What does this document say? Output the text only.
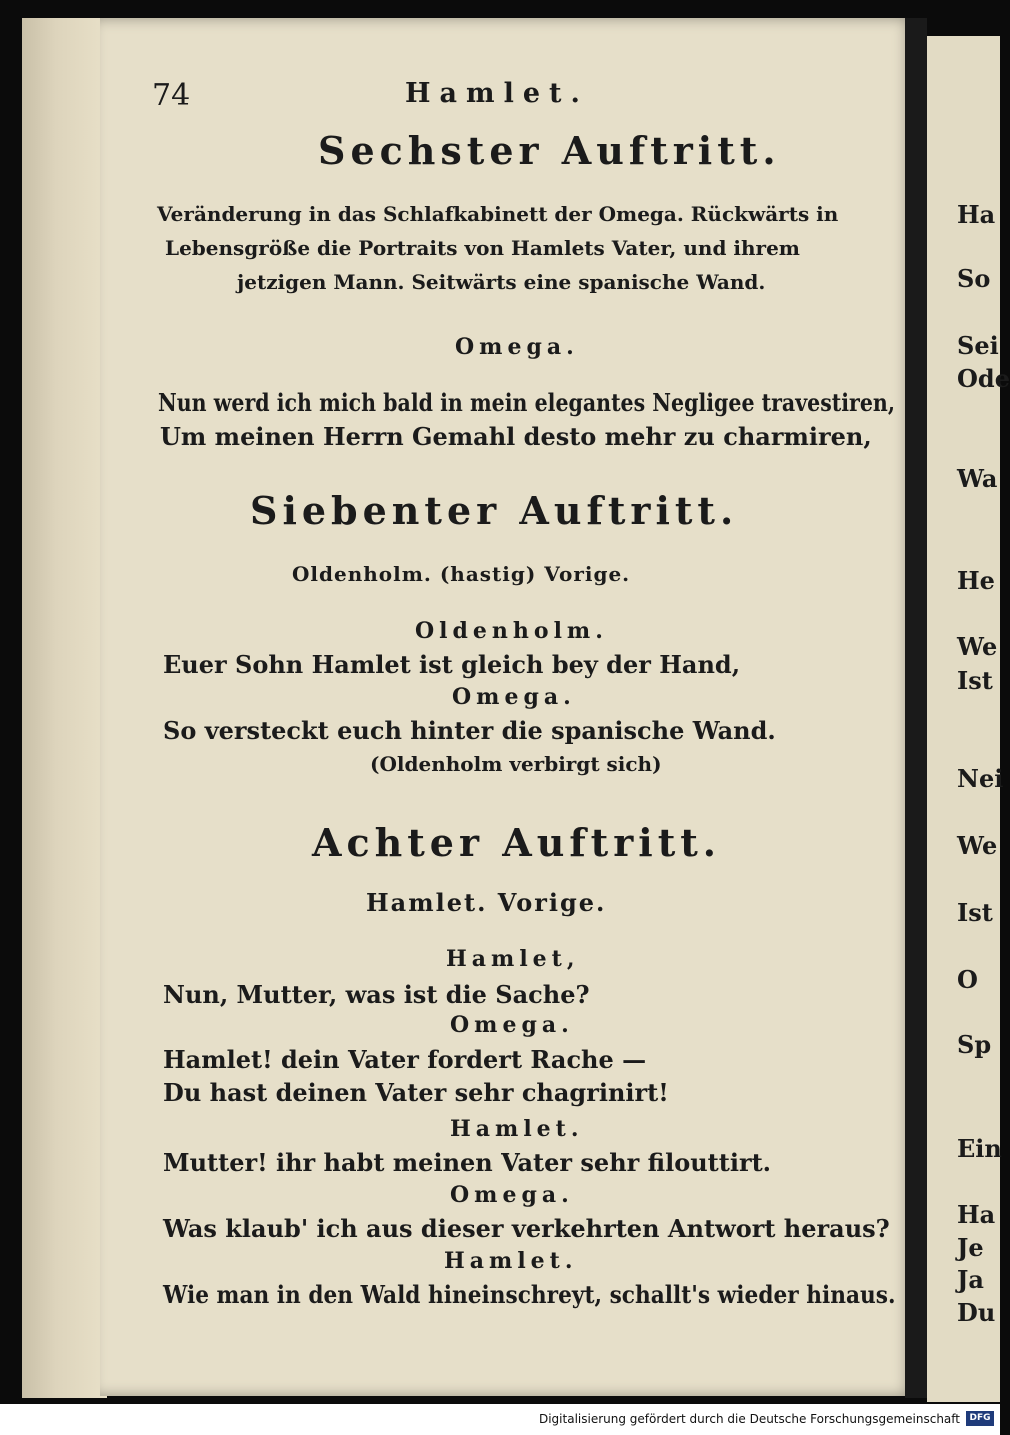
Ha
So
Sei
Ode
Wa
He
We
Ist
Nei
We
Ist
O
Sp
Ein
Ha
Je
Ja
Du
74	Hamlet.
Sechster Auftritt.
Veränderung in das Schlafkabinett der Omega. Rückwärts in
Lebensgröße die Portraits von Hamlets Vater, und ihrem
jetzigen Mann. Seitwärts eine spanische Wand.
Omega.
Nun werd ich mich bald in mein elegantes Negligee travestiren,
Um meinen Herrn Gemahl desto mehr zu charmiren,
Siebenter Auftritt.
Oldenholm. (hastig) Vorige.
Oldenholm.
Euer Sohn Hamlet ist gleich bey der Hand,
Omega.
So versteckt euch hinter die spanische Wand.
(Oldenholm verbirgt sich)
Achter Auftritt.
Hamlet. Vorige.
Hamlet,
Nun, Mutter, was ist die Sache?
Omega.
Hamlet! dein Vater fordert Rache —
Du hast deinen Vater sehr chagrinirt!
Hamlet.
Mutter! ihr habt meinen Vater sehr filouttirt.
Omega.
Was klaub' ich aus dieser verkehrten Antwort heraus?
Hamlet.
Wie man in den Wald hineinschreyt, schallt's wieder hinaus.
Digitalisierung gefördert durch die Deutsche Forschungsgemeinschaft	DFG
